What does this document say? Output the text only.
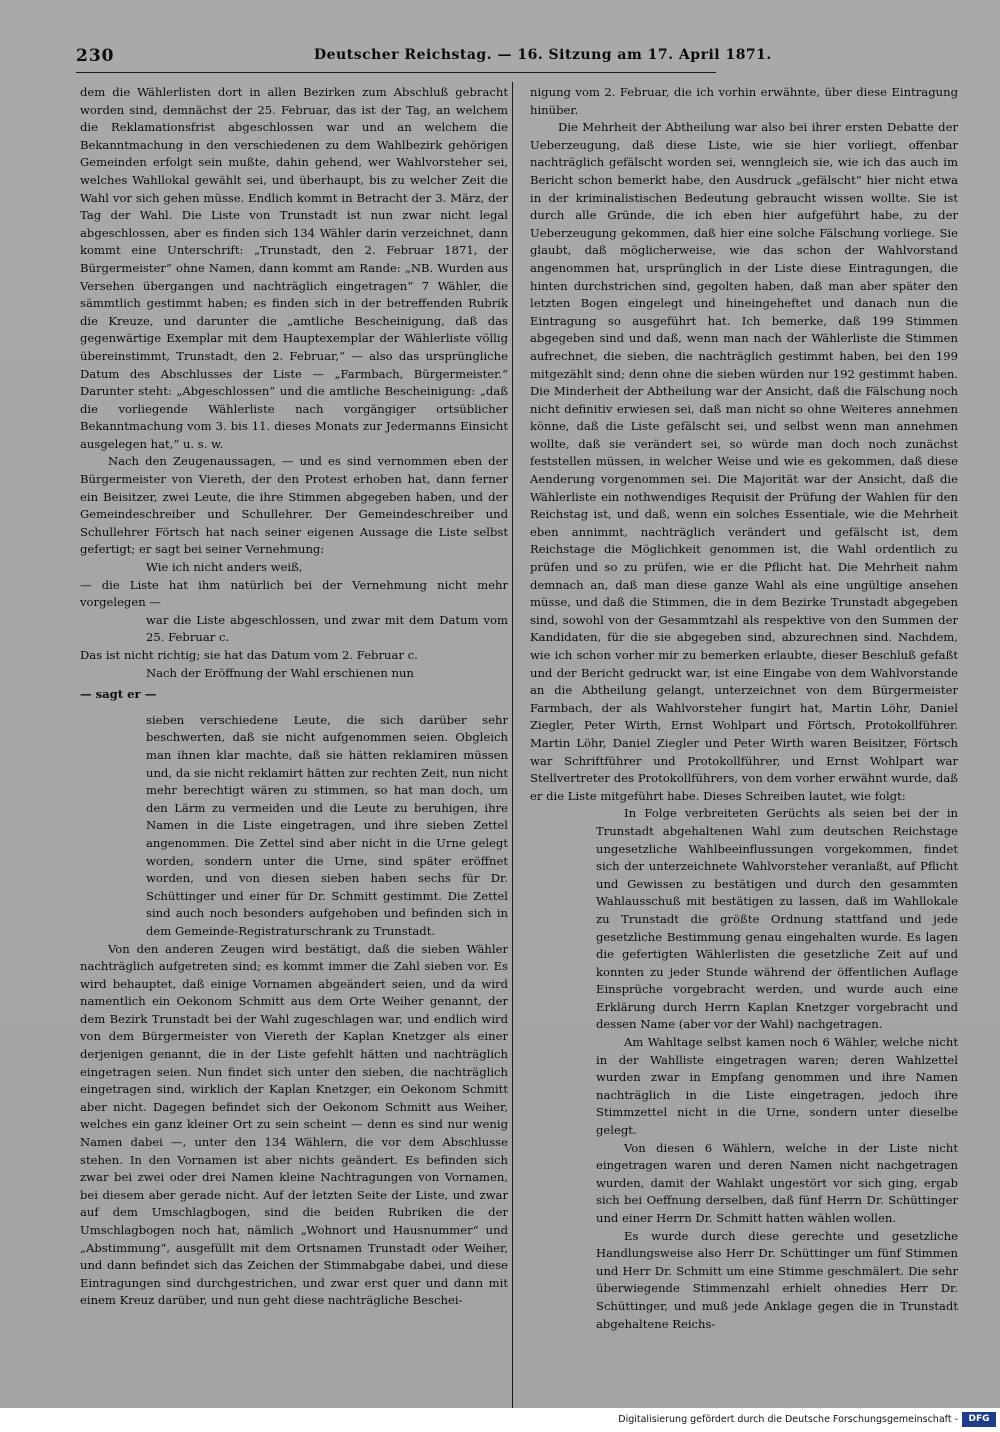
230	Deutscher Reichstag. — 16. Sitzung am 17. April 1871.

dem die Wählerlisten dort in allen Bezirken zum Abschluß gebracht worden sind, demnächst der 25. Februar, das ist der Tag, an welchem die Reklamationsfrist abgeschlossen war und an welchem die Bekanntmachung in den verschiedenen zu dem Wahlbezirk gehörigen Gemeinden erfolgt sein mußte, dahin gehend, wer Wahlvorsteher sei, welches Wahllokal gewählt sei, und überhaupt, bis zu welcher Zeit die Wahl vor sich gehen müsse. Endlich kommt in Betracht der 3. März, der Tag der Wahl. Die Liste von Trunstadt ist nun zwar nicht legal abgeschlossen, aber es finden sich 134 Wähler darin verzeichnet, dann kommt eine Unterschrift: „Trunstadt, den 2. Februar 1871, der Bürgermeister“ ohne Namen, dann kommt am Rande: „NB. Wurden aus Versehen übergangen und nachträglich eingetragen“ 7 Wähler, die sämmtlich gestimmt haben; es finden sich in der betreffenden Rubrik die Kreuze, und darunter die „amtliche Bescheinigung, daß das gegenwärtige Exemplar mit dem Hauptexemplar der Wählerliste völlig übereinstimmt, Trunstadt, den 2. Februar,“ — also das ursprüngliche Datum des Abschlusses der Liste — „Farmbach, Bürgermeister.“ Darunter steht: „Abgeschlossen“ und die amtliche Bescheinigung: „daß die vorliegende Wählerliste nach vorgängiger ortsüblicher Bekanntmachung vom 3. bis 11. dieses Monats zur Jedermanns Einsicht ausgelegen hat,“ u. s. w.

Nach den Zeugenaussagen, — und es sind vernommen eben der Bürgermeister von Viereth, der den Protest erhoben hat, dann ferner ein Beisitzer, zwei Leute, die ihre Stimmen abgegeben haben, und der Gemeindeschreiber und Schullehrer. Der Gemeindeschreiber und Schullehrer Förtsch hat nach seiner eigenen Aussage die Liste selbst gefertigt; er sagt bei seiner Vernehmung:

Wie ich nicht anders weiß,

— die Liste hat ihm natürlich bei der Vernehmung nicht mehr vorgelegen —

war die Liste abgeschlossen, und zwar mit dem Datum vom 25. Februar c.

Das ist nicht richtig; sie hat das Datum vom 2. Februar c.

Nach der Eröffnung der Wahl erschienen nun

— sagt er —

sieben verschiedene Leute, die sich darüber sehr beschwerten, daß sie nicht aufgenommen seien. Obgleich man ihnen klar machte, daß sie hätten reklamiren müssen und, da sie nicht reklamirt hätten zur rechten Zeit, nun nicht mehr berechtigt wären zu stimmen, so hat man doch, um den Lärm zu vermeiden und die Leute zu beruhigen, ihre Namen in die Liste eingetragen, und ihre sieben Zettel angenommen. Die Zettel sind aber nicht in die Urne gelegt worden, sondern unter die Urne, sind später eröffnet worden, und von diesen sieben haben sechs für Dr. Schüttinger und einer für Dr. Schmitt gestimmt. Die Zettel sind auch noch besonders aufgehoben und befinden sich in dem Gemeinde-Registraturschrank zu Trunstadt.

Von den anderen Zeugen wird bestätigt, daß die sieben Wähler nachträglich aufgetreten sind; es kommt immer die Zahl sieben vor. Es wird behauptet, daß einige Vornamen abgeändert seien, und da wird namentlich ein Oekonom Schmitt aus dem Orte Weiher genannt, der dem Bezirk Trunstadt bei der Wahl zugeschlagen war, und endlich wird von dem Bürgermeister von Viereth der Kaplan Knetzger als einer derjenigen genannt, die in der Liste gefehlt hätten und nachträglich eingetragen seien. Nun findet sich unter den sieben, die nachträglich eingetragen sind, wirklich der Kaplan Knetzger, ein Oekonom Schmitt aber nicht. Dagegen befindet sich der Oekonom Schmitt aus Weiher, welches ein ganz kleiner Ort zu sein scheint — denn es sind nur wenig Namen dabei —, unter den 134 Wählern, die vor dem Abschlusse stehen. In den Vornamen ist aber nichts geändert. Es befinden sich zwar bei zwei oder drei Namen kleine Nachtragungen von Vornamen, bei diesem aber gerade nicht. Auf der letzten Seite der Liste, und zwar auf dem Umschlagbogen, sind die beiden Rubriken die der Umschlagbogen noch hat, nämlich „Wohnort und Hausnummer“ und „Abstimmung“, ausgefüllt mit dem Ortsnamen Trunstadt oder Weiher, und dann befindet sich das Zeichen der Stimmabgabe dabei, und diese Eintragungen sind durchgestrichen, und zwar erst quer und dann mit einem Kreuz darüber, und nun geht diese nachträgliche Beschei-

nigung vom 2. Februar, die ich vorhin erwähnte, über diese Eintragung hinüber.

Die Mehrheit der Abtheilung war also bei ihrer ersten Debatte der Ueberzeugung, daß diese Liste, wie sie hier vorliegt, offenbar nachträglich gefälscht worden sei, wenngleich sie, wie ich das auch im Bericht schon bemerkt habe, den Ausdruck „gefälscht“ hier nicht etwa in der kriminalistischen Bedeutung gebraucht wissen wollte. Sie ist durch alle Gründe, die ich eben hier aufgeführt habe, zu der Ueberzeugung gekommen, daß hier eine solche Fälschung vorliege. Sie glaubt, daß möglicherweise, wie das schon der Wahlvorstand angenommen hat, ursprünglich in der Liste diese Eintragungen, die hinten durchstrichen sind, gegolten haben, daß man aber später den letzten Bogen eingelegt und hineingeheftet und danach nun die Eintragung so ausgeführt hat. Ich bemerke, daß 199 Stimmen abgegeben sind und daß, wenn man nach der Wählerliste die Stimmen aufrechnet, die sieben, die nachträglich gestimmt haben, bei den 199 mitgezählt sind; denn ohne die sieben würden nur 192 gestimmt haben. Die Minderheit der Abtheilung war der Ansicht, daß die Fälschung noch nicht definitiv erwiesen sei, daß man nicht so ohne Weiteres annehmen könne, daß die Liste gefälscht sei, und selbst wenn man annehmen wollte, daß sie verändert sei, so würde man doch noch zunächst feststellen müssen, in welcher Weise und wie es gekommen, daß diese Aenderung vorgenommen sei. Die Majorität war der Ansicht, daß die Wählerliste ein nothwendiges Requisit der Prüfung der Wahlen für den Reichstag ist, und daß, wenn ein solches Essentiale, wie die Mehrheit eben annimmt, nachträglich verändert und gefälscht ist, dem Reichstage die Möglichkeit genommen ist, die Wahl ordentlich zu prüfen und so zu prüfen, wie er die Pflicht hat. Die Mehrheit nahm demnach an, daß man diese ganze Wahl als eine ungültige ansehen müsse, und daß die Stimmen, die in dem Bezirke Trunstadt abgegeben sind, sowohl von der Gesammtzahl als respektive von den Summen der Kandidaten, für die sie abgegeben sind, abzurechnen sind. Nachdem, wie ich schon vorher mir zu bemerken erlaubte, dieser Beschluß gefaßt und der Bericht gedruckt war, ist eine Eingabe von dem Wahlvorstande an die Abtheilung gelangt, unterzeichnet von dem Bürgermeister Farmbach, der als Wahlvorsteher fungirt hat, Martin Löhr, Daniel Ziegler, Peter Wirth, Ernst Wohlpart und Förtsch, Protokollführer. Martin Löhr, Daniel Ziegler und Peter Wirth waren Beisitzer, Förtsch war Schriftführer und Protokollführer, und Ernst Wohlpart war Stellvertreter des Protokollführers, von dem vorher erwähnt wurde, daß er die Liste mitgeführt habe. Dieses Schreiben lautet, wie folgt:

In Folge verbreiteten Gerüchts als seien bei der in Trunstadt abgehaltenen Wahl zum deutschen Reichstage ungesetzliche Wahlbeeinflussungen vorgekommen, findet sich der unterzeichnete Wahlvorsteher veranlaßt, auf Pflicht und Gewissen zu bestätigen und durch den gesammten Wahlausschuß mit bestätigen zu lassen, daß im Wahllokale zu Trunstadt die größte Ordnung stattfand und jede gesetzliche Bestimmung genau eingehalten wurde. Es lagen die gefertigten Wählerlisten die gesetzliche Zeit auf und konnten zu jeder Stunde während der öffentlichen Auflage Einsprüche vorgebracht werden, und wurde auch eine Erklärung durch Herrn Kaplan Knetzger vorgebracht und dessen Name (aber vor der Wahl) nachgetragen.

Am Wahltage selbst kamen noch 6 Wähler, welche nicht in der Wahlliste eingetragen waren; deren Wahlzettel wurden zwar in Empfang genommen und ihre Namen nachträglich in die Liste eingetragen, jedoch ihre Stimmzettel nicht in die Urne, sondern unter dieselbe gelegt.

Von diesen 6 Wählern, welche in der Liste nicht eingetragen waren und deren Namen nicht nachgetragen wurden, damit der Wahlakt ungestört vor sich ging, ergab sich bei Oeffnung derselben, daß fünf Herrn Dr. Schüttinger und einer Herrn Dr. Schmitt hatten wählen wollen.

Es wurde durch diese gerechte und gesetzliche Handlungsweise also Herr Dr. Schüttinger um fünf Stimmen und Herr Dr. Schmitt um eine Stimme geschmälert. Die sehr überwiegende Stimmenzahl erhielt ohnedies Herr Dr. Schüttinger, und muß jede Anklage gegen die in Trunstadt abgehaltene Reichs-

Digitalisierung gefördert durch die Deutsche Forschungsgemeinschaft -	DFG
